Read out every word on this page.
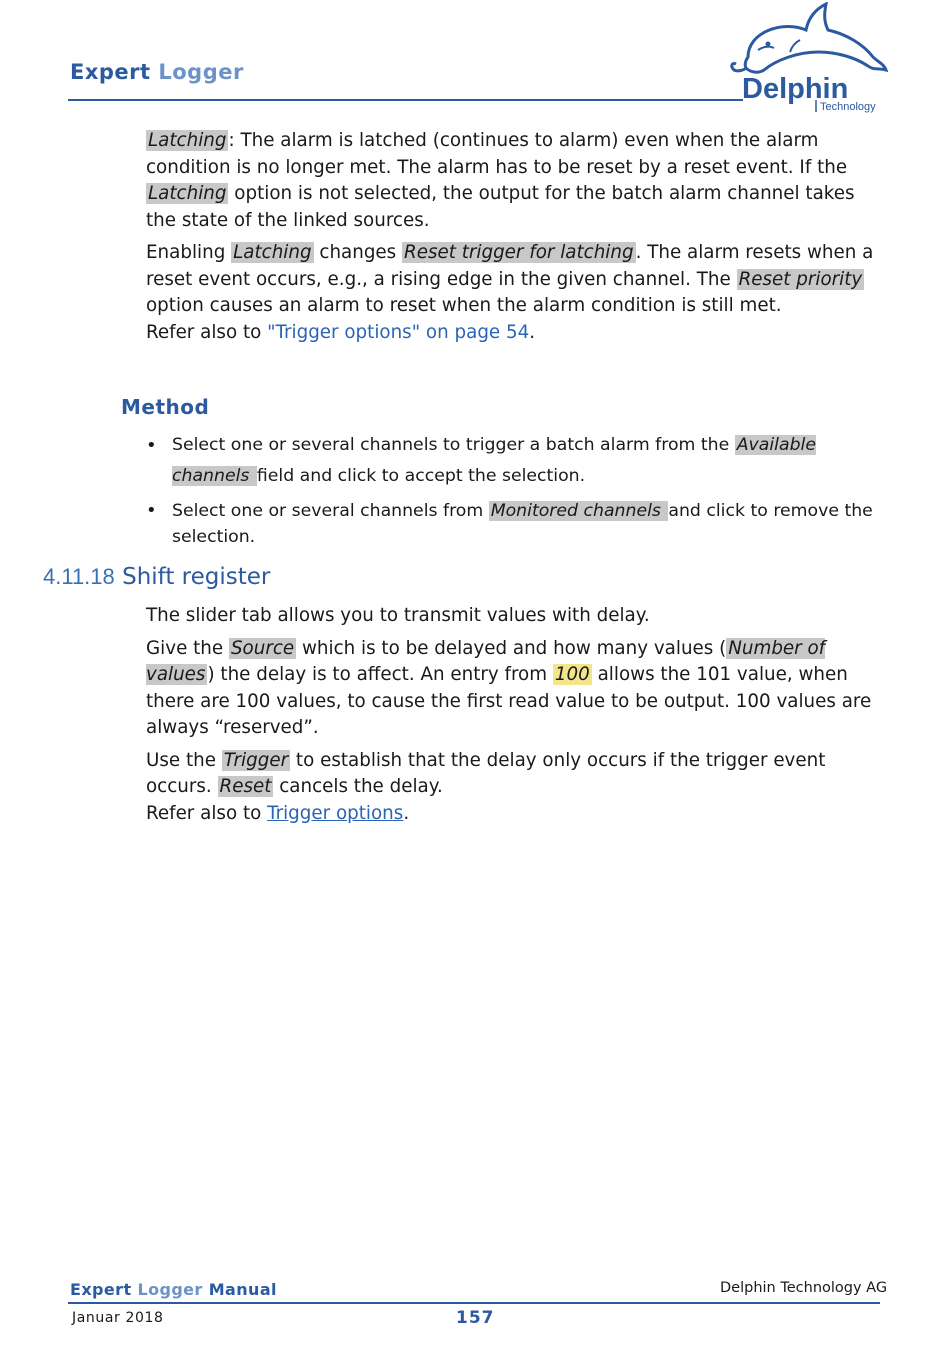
Expert Logger
Delphin
Technology

Latching : The alarm is latched (continues to alarm) even when the alarm condition is no longer met. The alarm has to be reset by a reset event. If the Latching option is not selected, the output for the batch alarm channel takes the state of the linked sources.

Enabling Latching changes Reset trigger for latching . The alarm resets when a reset event occurs, e.g., a rising edge in the given channel. The Reset priority option causes an alarm to reset when the alarm condition is still met.

Refer also to "Trigger options" on page 54.

Method
• Select one or several channels to trigger a batch alarm from the Available channels field and click to accept the selection.
• Select one or several channels from Monitored channels and click to remove the selection.
4.11.18 Shift register

The slider tab allows you to transmit values with delay.

Give the Source which is to be delayed and how many values ( Number of values ) the delay is to affect. An entry from 100 allows the 101 value, when there are 100 values, to cause the first read value to be output. 100 values are always “reserved”.

Use the Trigger to establish that the delay only occurs if the trigger event occurs. Reset cancels the delay.

Refer also to Trigger options.

Expert Logger Manual	Delphin Technology AG
Januar 2018	157
